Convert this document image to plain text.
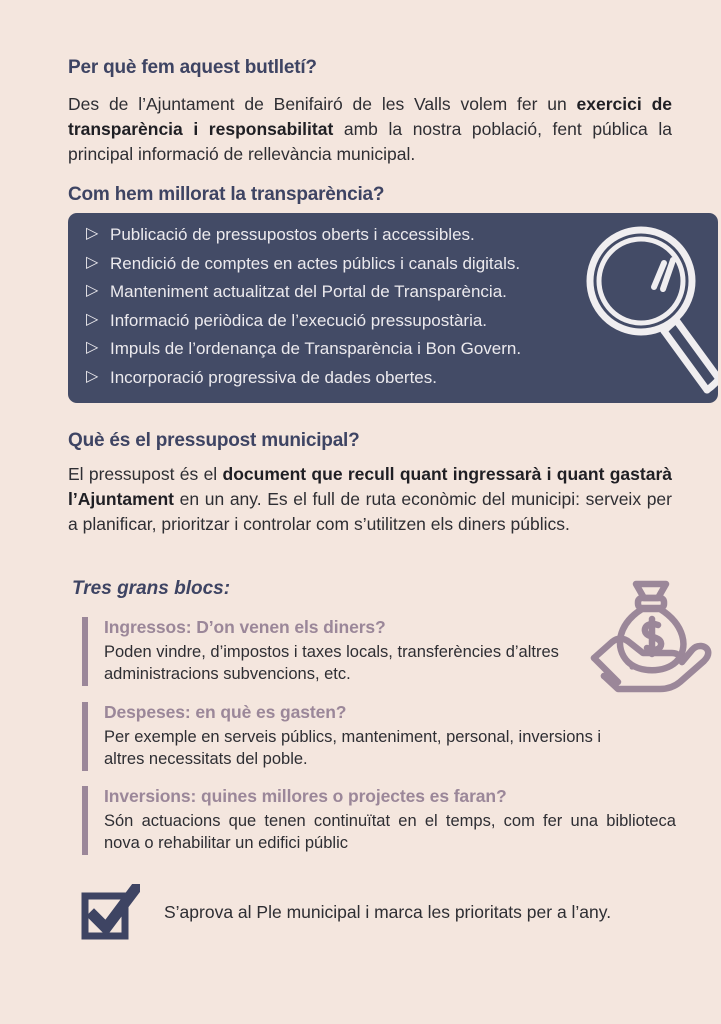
Per què fem aquest butlletí?

Des de l’Ajuntament de Benifairó de les Valls volem fer un exercici de transparència i responsabilitat amb la nostra població, fent pública la principal informació de rellevància municipal.

Com hem millorat la transparència?
▷ Publicació de pressupostos oberts i accessibles.
▷ Rendició de comptes en actes públics i canals digitals.
▷ Manteniment actualitzat del Portal de Transparència.
▷ Informació periòdica de l’execució pressupostària.
▷ Impuls de l’ordenança de Transparència i Bon Govern.
▷ Incorporació progressiva de dades obertes.
Què és el pressupost municipal?

El pressupost és el document que recull quant ingressarà i quant gastarà l’Ajuntament en un any. Es el full de ruta econòmic del municipi: serveix per a planificar, prioritzar i controlar com s’utilitzen els diners públics.

Tres grans blocs:
Ingressos: D’on venen els diners?

Poden vindre, d’impostos i taxes locals, transferències d’altres administracions subvencions, etc.

Despeses: en què es gasten?

Per exemple en serveis públics, manteniment, personal, inversions i altres necessitats del poble.

Inversions: quines millores o projectes es faran?

Són actuacions que tenen continuïtat en el temps, com fer una biblioteca nova o rehabilitar un edifici públic

S’aprova al Ple municipal i marca les prioritats per a l’any.
